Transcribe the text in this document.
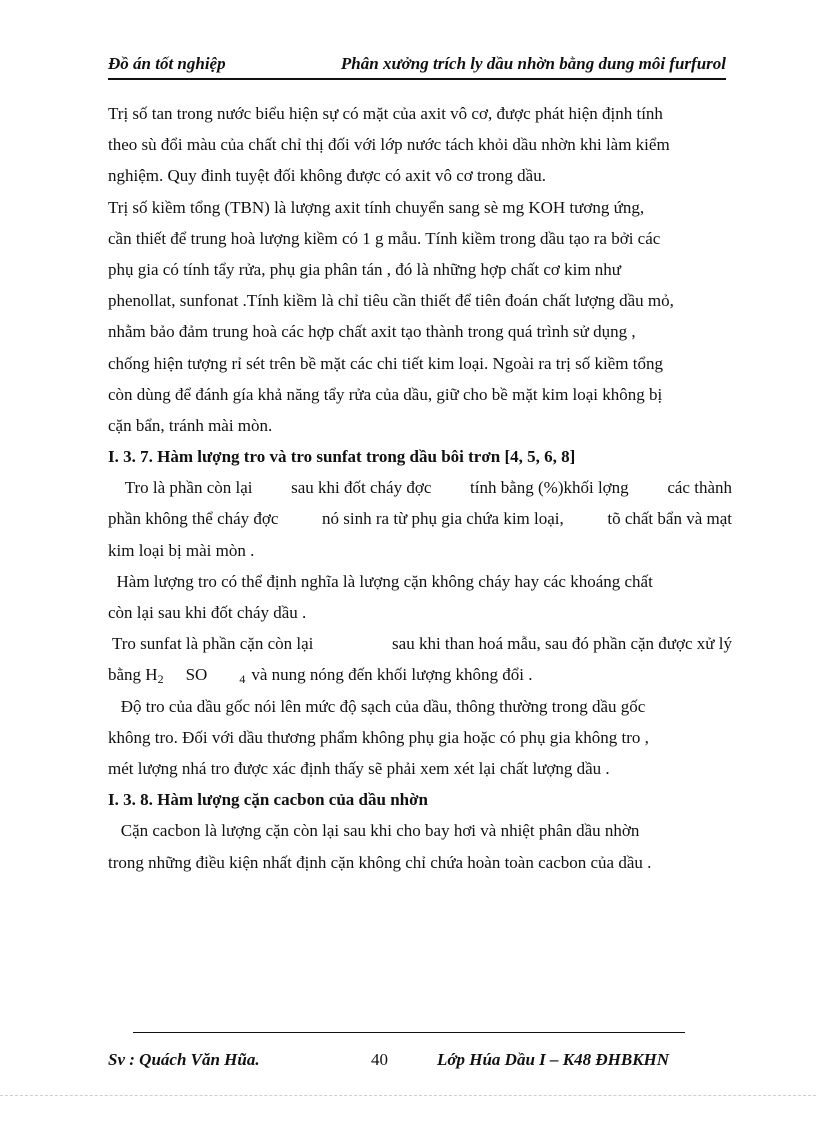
Đồ án tốt nghiệp	Phân xưởng trích ly dầu nhờn bằng dung môi furfurol
Trị số tan trong nước biểu hiện sự có mặt của axit vô cơ, được phát hiện định tính
theo sù đổi màu của chất chỉ thị đối với lớp nước tách khỏi dầu nhờn khi làm kiểm
nghiệm. Quy đinh tuyệt đối không được có axit vô cơ trong dầu.
Trị số kiềm tổng (TBN) là lượng axit tính chuyển sang sè mg KOH tương ứng,
cần thiết để trung hoà lượng kiềm có 1 g mẫu. Tính kiềm trong dầu tạo ra bởi các
phụ gia có tính tẩy rửa, phụ gia phân tán , đó là những hợp chất cơ kim như
phenollat, sunfonat .Tính kiềm là chỉ tiêu cần thiết để tiên đoán chất lượng dầu mỏ,
nhằm bảo đảm trung hoà các hợp chất axit tạo thành trong quá trình sử dụng ,
chống hiện tượng rỉ sét trên bề mặt các chi tiết kim loại. Ngoài ra trị số kiềm tổng
còn dùng để đánh gía khả năng tẩy rửa của dầu, giữ cho bề mặt kim loại không bị
cặn bẩn, tránh mài mòn.
I. 3. 7. Hàm lượng tro và tro sunfat trong dầu bôi trơn [4, 5, 6, 8]
Tro là phần còn lại sau khi đốt cháy đợc tính bằng (%)khối lợng các thành
phần không thể cháy đợc	nó sinh ra từ phụ gia chứa kim loại,	tõ chất bẩn và mạt
kim loại bị mài mòn .
Hàm lượng tro có thể định nghĩa là lượng cặn không cháy hay các khoáng chất
còn lại sau khi đốt cháy dầu .
Tro sunfat là phần cặn còn lại	sau khi than hoá mẫu, sau đó phần cặn được xử lý
bằng H 2 SO	4 và nung nóng đến khối lượng không đổi .
Độ tro của dầu gốc nói lên mức độ sạch của dầu, thông thường trong dầu gốc
không tro. Đối với dầu thương phẩm không phụ gia hoặc có phụ gia không tro ,
mét lượng nhá tro được xác định thấy sẽ phải xem xét lại chất lượng dầu .
I. 3. 8. Hàm lượng cặn cacbon của dầu nhờn
Cặn cacbon là lượng cặn còn lại sau khi cho bay hơi và nhiệt phân dầu nhờn
trong những điều kiện nhất định cặn không chỉ chứa hoàn toàn cacbon của dầu .
Sv : Quách Văn Hũa.	40	Lớp Húa Dầu I – K48 ĐHBKHN
